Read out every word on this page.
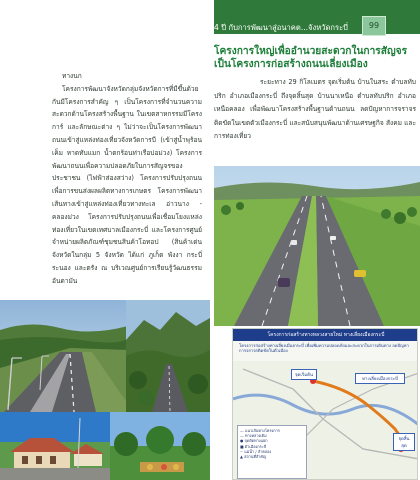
ทางนก
โครงการพัฒนาจังหวัดกลุ่มจังหวัดการที่มีขึ้นด้วยกันมีโครงการสำคัญ ๆ เป็นโครงการที่จำนวนความสะดวกด้านโครงสร้างพื้นฐาน ในเขตสาหกรรมมีโครงการ์ และลักษณะต่าง ๆ ไม่ว่าจะเป็นโครงการพัฒนาถนนเข้าสู่แหล่งท่องเที่ยวจังหวัดการบี (เข้าสู่น้ำพุร้อนเค็ม หาดทับแมก น้ำตกร้อนท่าเรือบ่อม่วง) โครงการพัฒนาถนนเพื่อความปลอดภัยในการสัญจรของประชาชน (ไฟฟ้าส่องสว่าง) โครงการปรับปรุงถนนเพื่อการขนส่งผลผลิตทางการเกษตร โครงการพัฒนาเส้นทางเข้าสู่แหล่งท่องเที่ยวทางทะเล อ่าวนาง - คลองม่วง โครงการปรับปรุงถนนเพื่อเชื่อมโยงแหล่งท่องเที่ยวในเขตเทศบาลเมืองกระบี่ และโครงการศูนย์จำหน่ายผลิตภัณฑ์ชุมชนสินค้าโอทอป (สินค้าเด่น จังหวัดในกลุ่ม 5 จังหวัด ได้แก่ ภูเก็ต พังงา กระบี่ ระนอง และตรัง ณ บริเวณศูนย์การเรียนรู้วัฒนธรรมอันดามัน
4 ปี กับการพัฒนาสู่อนาคต...จังหวัดกระบี่	99
โครงการใหญ่เพื่ออำนวยสะดวกในการสัญจร เป็นโครงการก่อสร้างถนนเลี่ยงเมือง
ระยะทาง 29 กิโลเมตร จุดเริ่มต้น บ้านในสระ ตำบลทับปริก อำเภอเมืองกระบี่ ถึงจุดสิ้นสุด บ้านนาเหนือ ตำบลทับปริก อำเภอเหนือคลอง เพื่อพัฒนาโครงสร้างพื้นฐานด้านถนน ลดปัญหาการจราจรติดขัดในเขตตัวเมืองกระบี่ และสนับสนุนพัฒนาด้านเศรษฐกิจ สังคม และการท่องเที่ยว
โครงการก่อสร้างทางหลวงสายใหม่ ทางเลี่ยงเมืองกระบี่
โครงการก่อสร้างทางเลี่ยงเมืองกระบี่ เพื่อเพิ่มความปลอดภัยและสะดวกในการเดินทาง ลดปัญหาการจราจรติดขัดในตัวเมือง
จุดเริ่มต้น
ทางเลี่ยงเมืองกระบี่
จุดสิ้นสุด
— แนวเส้นทางโครงการ
— ทางหลวงเดิม
● จุดตัดทางแยก
■ ตัวเมืองกระบี่
~ แม่น้ำ / ลำคลอง
▲ สถานที่สำคัญ
